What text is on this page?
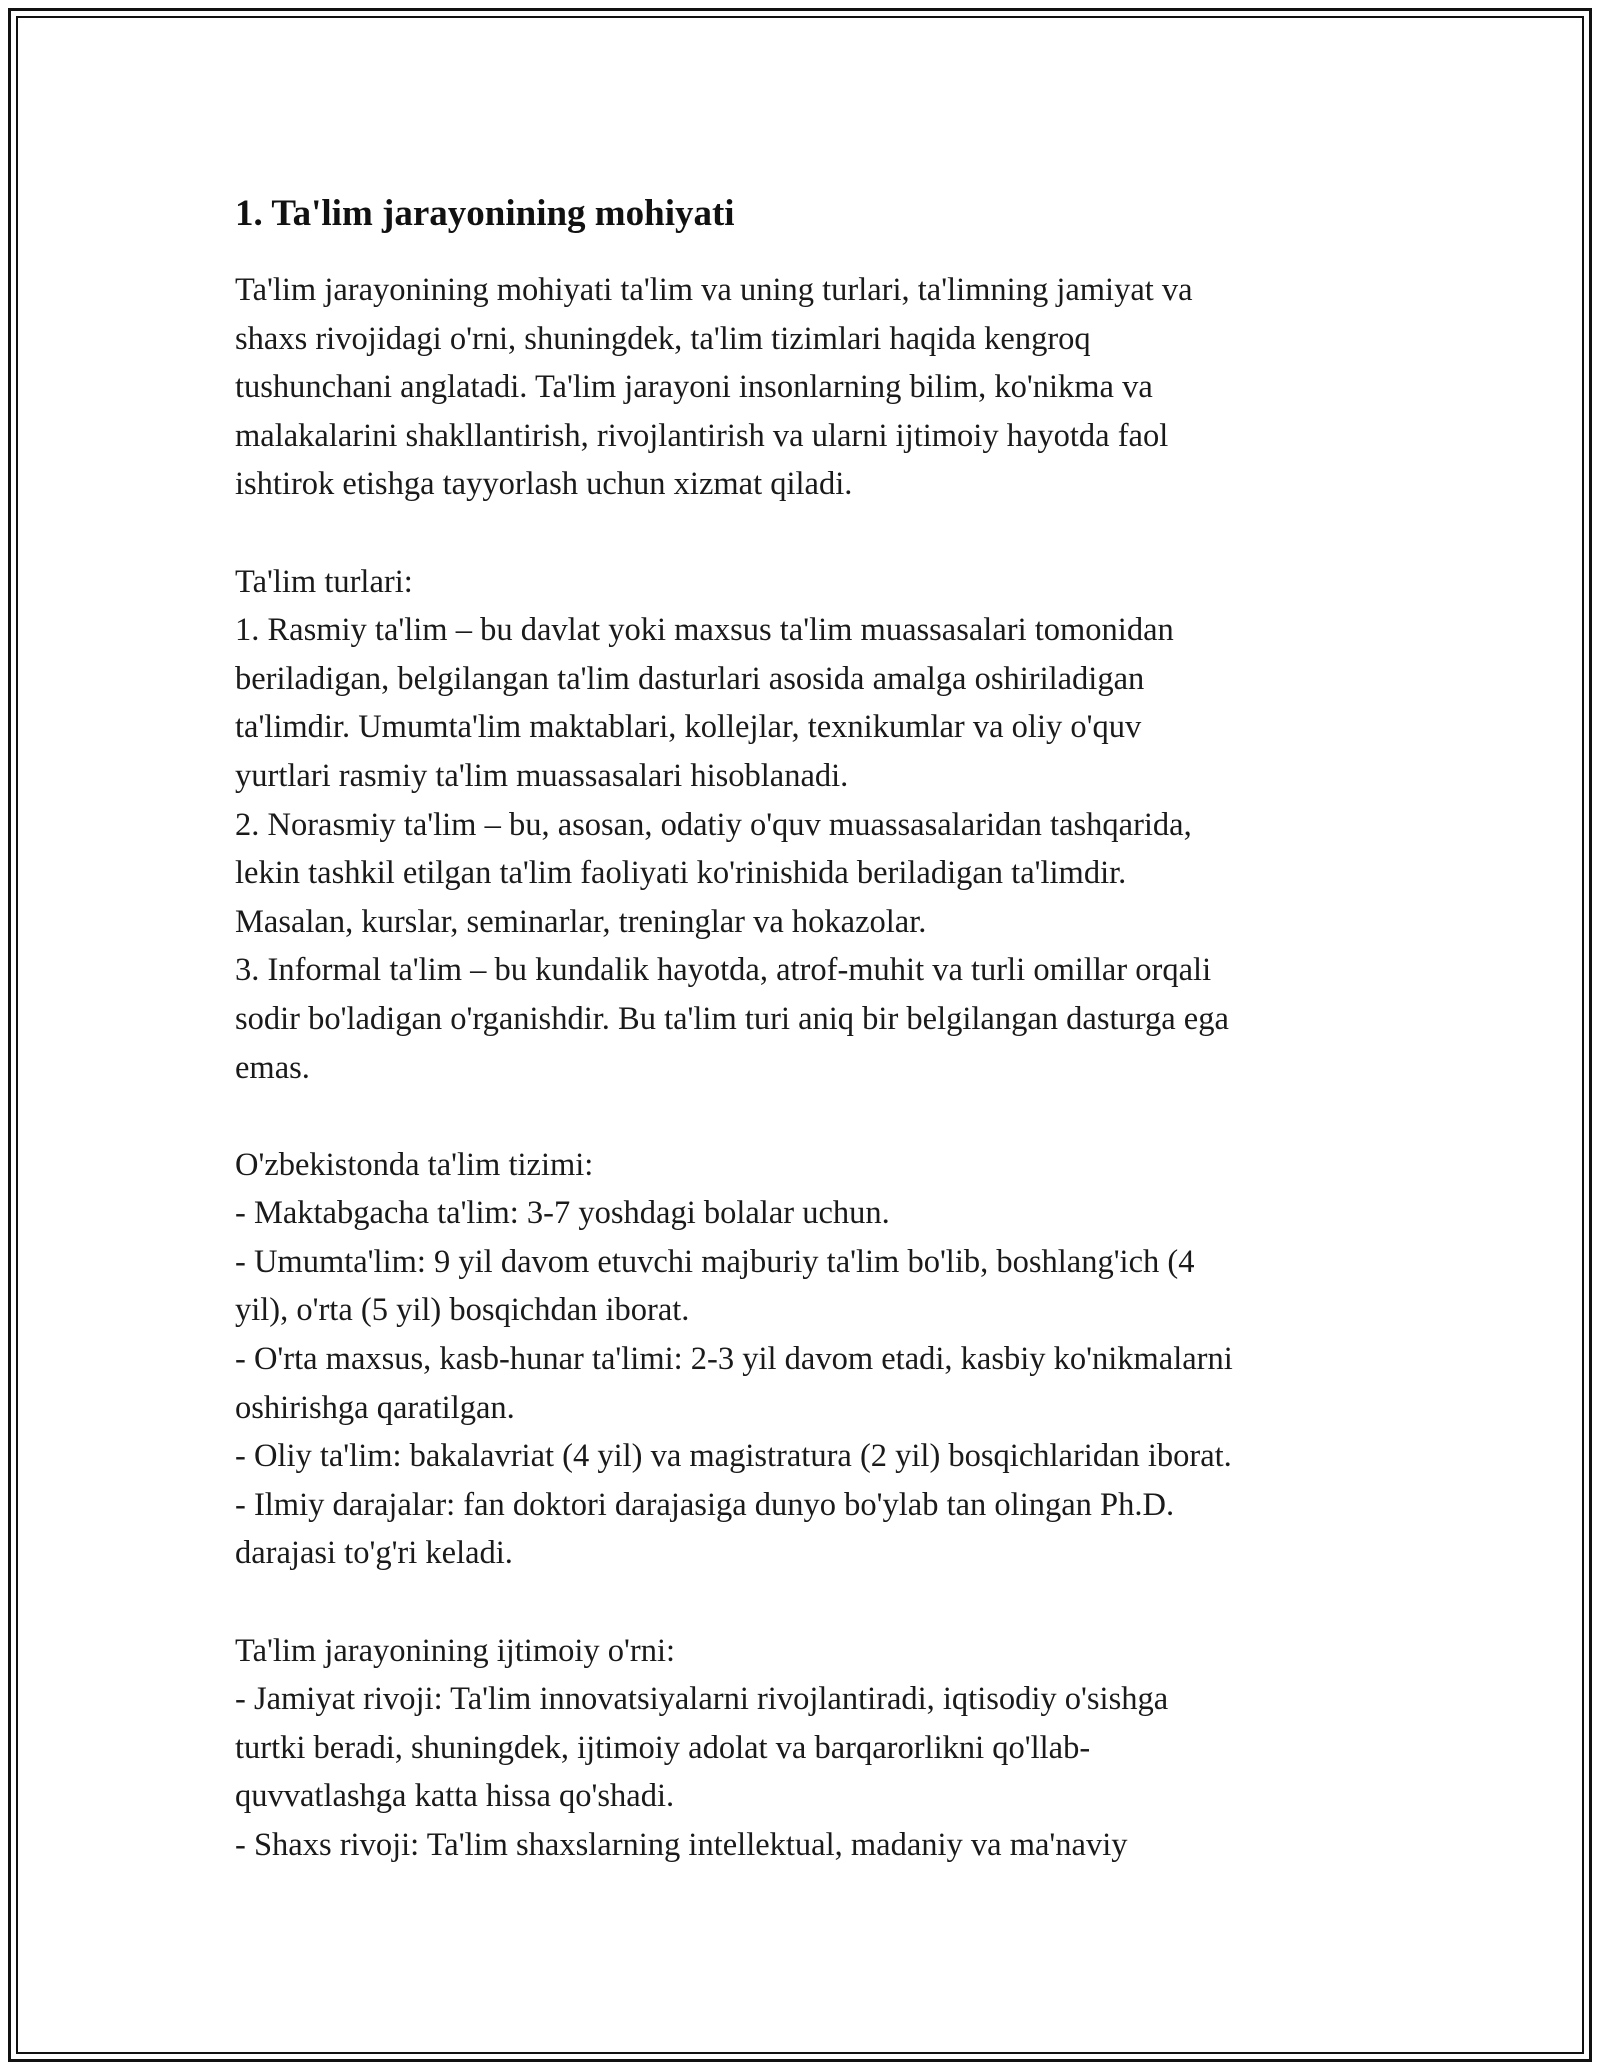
1. Ta'lim jarayonining mohiyati
Ta'lim jarayonining mohiyati ta'lim va uning turlari, ta'limning jamiyat va
shaxs rivojidagi o'rni, shuningdek, ta'lim tizimlari haqida kengroq
tushunchani anglatadi. Ta'lim jarayoni insonlarning bilim, ko'nikma va
malakalarini shakllantirish, rivojlantirish va ularni ijtimoiy hayotda faol
ishtirok etishga tayyorlash uchun xizmat qiladi.
Ta'lim turlari:
1. Rasmiy ta'lim – bu davlat yoki maxsus ta'lim muassasalari tomonidan
beriladigan, belgilangan ta'lim dasturlari asosida amalga oshiriladigan
ta'limdir. Umumta'lim maktablari, kollejlar, texnikumlar va oliy o'quv
yurtlari rasmiy ta'lim muassasalari hisoblanadi.
2. Norasmiy ta'lim – bu, asosan, odatiy o'quv muassasalaridan tashqarida,
lekin tashkil etilgan ta'lim faoliyati ko'rinishida beriladigan ta'limdir.
Masalan, kurslar, seminarlar, treninglar va hokazolar.
3. Informal ta'lim – bu kundalik hayotda, atrof-muhit va turli omillar orqali
sodir bo'ladigan o'rganishdir. Bu ta'lim turi aniq bir belgilangan dasturga ega
emas.
O'zbekistonda ta'lim tizimi:
- Maktabgacha ta'lim: 3-7 yoshdagi bolalar uchun.
- Umumta'lim: 9 yil davom etuvchi majburiy ta'lim bo'lib, boshlang'ich (4
yil), o'rta (5 yil) bosqichdan iborat.
- O'rta maxsus, kasb-hunar ta'limi: 2-3 yil davom etadi, kasbiy ko'nikmalarni
oshirishga qaratilgan.
- Oliy ta'lim: bakalavriat (4 yil) va magistratura (2 yil) bosqichlaridan iborat.
- Ilmiy darajalar: fan doktori darajasiga dunyo bo'ylab tan olingan Ph.D.
darajasi to'g'ri keladi.
Ta'lim jarayonining ijtimoiy o'rni:
- Jamiyat rivoji: Ta'lim innovatsiyalarni rivojlantiradi, iqtisodiy o'sishga
turtki beradi, shuningdek, ijtimoiy adolat va barqarorlikni qo'llab-
quvvatlashga katta hissa qo'shadi.
- Shaxs rivoji: Ta'lim shaxslarning intellektual, madaniy va ma'naviy
